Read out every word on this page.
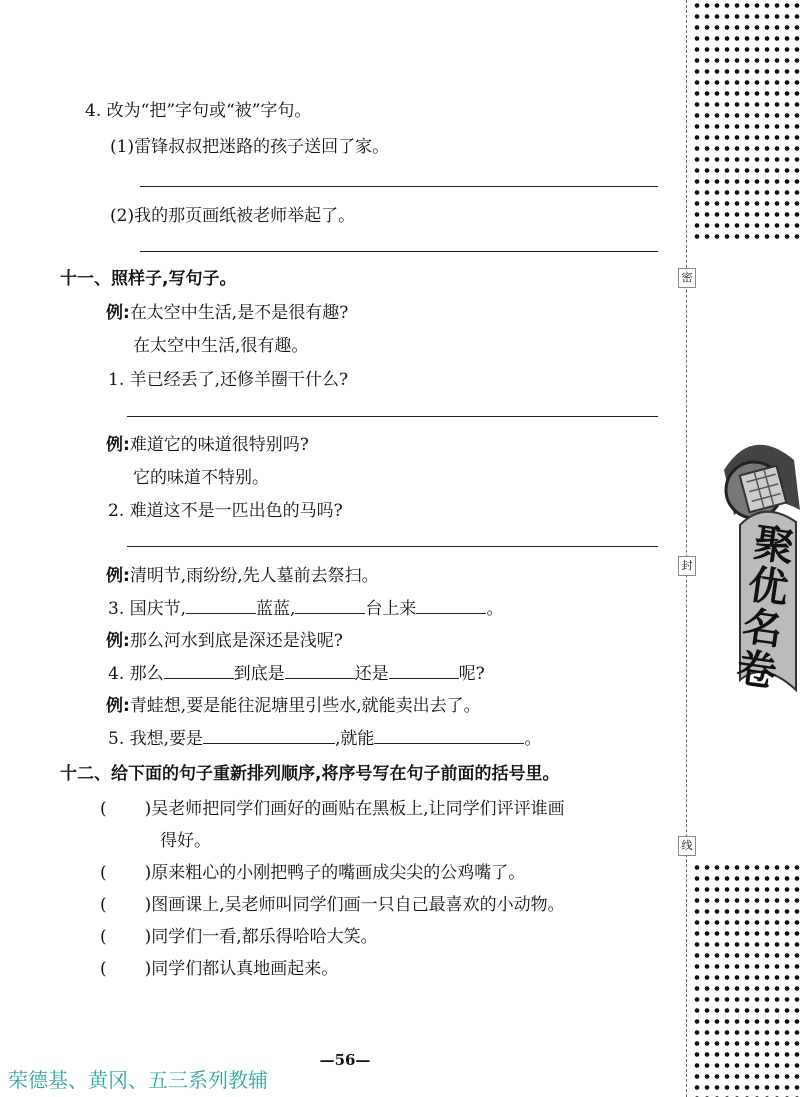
密
封
线
聚优名卷
4. 改为“把”字句或“被”字句。
(1)雷锋叔叔把迷路的孩子送回了家。
(2)我的那页画纸被老师举起了。
十一、照样子,写句子。
例:在太空中生活,是不是很有趣?
在太空中生活,很有趣。
1. 羊已经丢了,还修羊圈干什么?
例:难道它的味道很特别吗?
它的味道不特别。
2. 难道这不是一匹出色的马吗?
例:清明节,雨纷纷,先人墓前去祭扫。
3. 国庆节,	蓝蓝,	台上来	。
例:那么河水到底是深还是浅呢?
4. 那么	到底是	还是	呢?
例:青蛙想,要是能往泥塘里引些水,就能卖出去了。
5. 我想,要是	,就能	。
十二、给下面的句子重新排列顺序,将序号写在句子前面的括号里。
( )吴老师把同学们画好的画贴在黑板上,让同学们评评谁画
得好。
( )原来粗心的小刚把鸭子的嘴画成尖尖的公鸡嘴了。
( )图画课上,吴老师叫同学们画一只自己最喜欢的小动物。
( )同学们一看,都乐得哈哈大笑。
( )同学们都认真地画起来。
—56—
荣德基、黄冈、五三系列教辅
